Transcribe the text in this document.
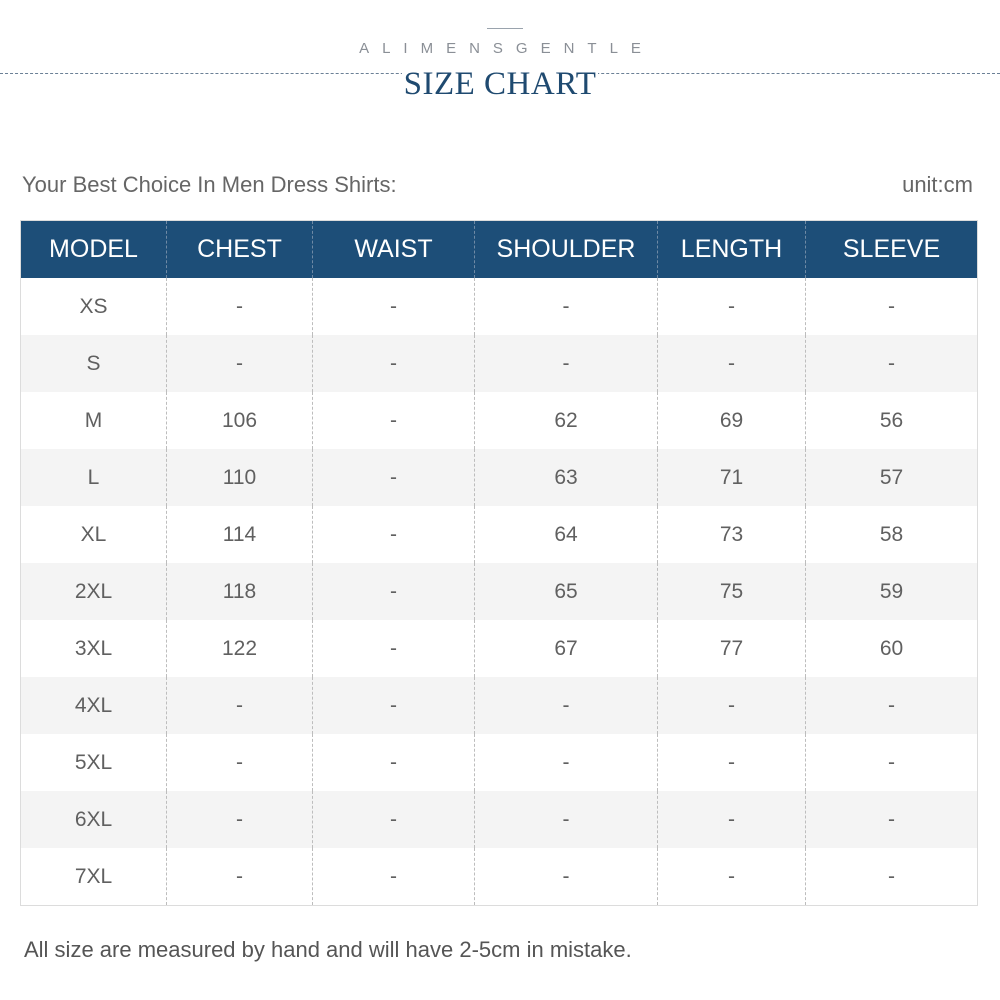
ALIMENSGENTLE
SIZE CHART
Your Best Choice In Men Dress Shirts:	unit:cm
MODEL	CHEST	WAIST	SHOULDER	LENGTH	SLEEVE
XS	-	-	-	-	-
S	-	-	-	-	-
M	106	-	62	69	56
L	110	-	63	71	57
XL	114	-	64	73	58
2XL	118	-	65	75	59
3XL	122	-	67	77	60
4XL	-	-	-	-	-
5XL	-	-	-	-	-
6XL	-	-	-	-	-
7XL	-	-	-	-	-
All size are measured by hand and will have 2-5cm in mistake.
